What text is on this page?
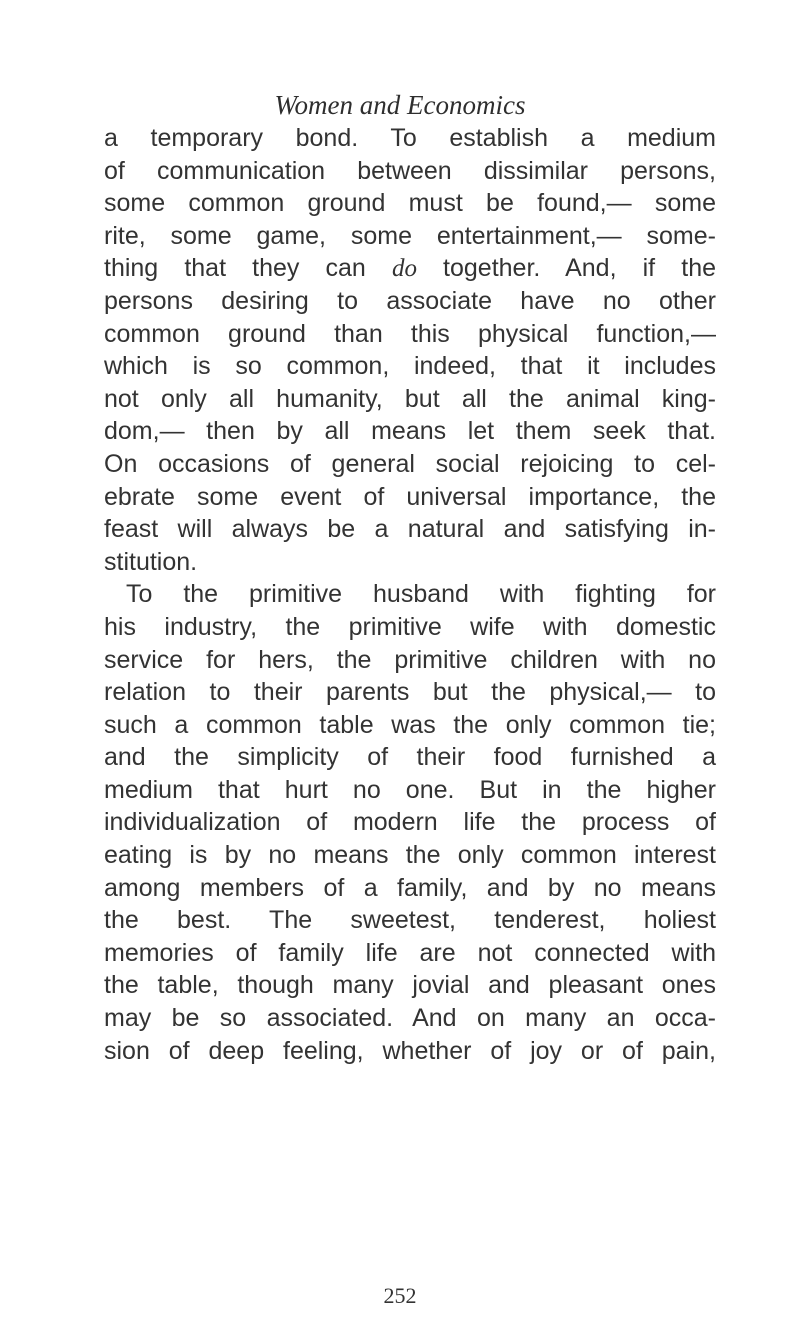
Women and Economics
a temporary bond. To establish a medium
of communication between dissimilar persons,
some common ground must be found,— some
rite, some game, some entertainment,— some-
thing that they can do together. And, if the
persons desiring to associate have no other
common ground than this physical function,—
which is so common, indeed, that it includes
not only all humanity, but all the animal king-
dom,— then by all means let them seek that.
On occasions of general social rejoicing to cel-
ebrate some event of universal importance, the
feast will always be a natural and satisfying in-
stitution.
To the primitive husband with fighting for
his industry, the primitive wife with domestic
service for hers, the primitive children with no
relation to their parents but the physical,— to
such a common table was the only common tie;
and the simplicity of their food furnished a
medium that hurt no one. But in the higher
individualization of modern life the process of
eating is by no means the only common interest
among members of a family, and by no means
the best. The sweetest, tenderest, holiest
memories of family life are not connected with
the table, though many jovial and pleasant ones
may be so associated. And on many an occa-
sion of deep feeling, whether of joy or of pain,
252
